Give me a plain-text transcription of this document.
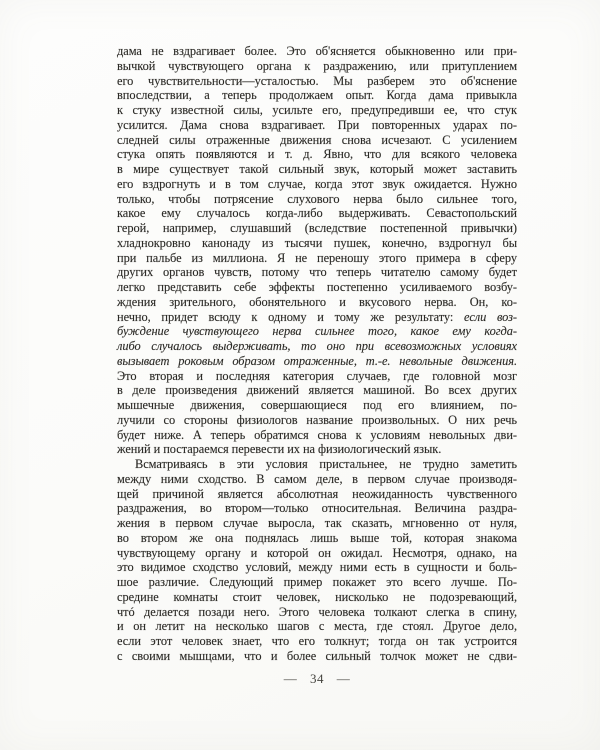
дама не вздрагивает более. Это об'ясняется обыкновенно или при-
вычкой чувствующего органа к раздражению, или притуплением
его чувствительности—усталостью. Мы разберем это об'яснение
впоследствии, а теперь продолжаем опыт. Когда дама привыкла
к стуку известной силы, усильте его, предупредивши ее, что стук
усилится. Дама снова вздрагивает. При повторенных ударах по-
следней силы отраженные движения снова исчезают. С усилением
стука опять появляются и т. д. Явно, что для всякого человека
в мире существует такой сильный звук, который может заставить
его вздрогнуть и в том случае, когда этот звук ожидается. Нужно
только, чтобы потрясение слухового нерва было сильнее того,
какое ему случалось когда-либо выдерживать. Севастопольский
герой, например, слушавший (вследствие постепенной привычки)
хладнокровно канонаду из тысячи пушек, конечно, вздрогнул бы
при пальбе из миллиона. Я не переношу этого примера в сферу
других органов чувств, потому что теперь читателю самому будет
легко представить себе эффекты постепенно усиливаемого возбу-
ждения зрительного, обонятельного и вкусового нерва. Он, ко-
нечно, придет всюду к одному и тому же результату: если воз-
буждение чувствующего нерва сильнее того, какое ему когда-
либо случалось выдерживать, то оно при всевозможных условиях
вызывает роковым образом отраженные, т.-е. невольные движения.
Это вторая и последняя категория случаев, где головной мозг
в деле произведения движений является машиной. Во всех других
мышечные движения, совершающиеся под его влиянием, по-
лучили со стороны физиологов название произвольных. О них речь
будет ниже. А теперь обратимся снова к условиям невольных дви-
жений и постараемся перевести их на физиологический язык.
Всматриваясь в эти условия пристальнее, не трудно заметить
между ними сходство. В самом деле, в первом случае производя-
щей причиной является абсолютная неожиданность чувственного
раздражения, во втором—только относительная. Величина раздра-
жения в первом случае выросла, так сказать, мгновенно от нуля,
во втором же она поднялась лишь выше той, которая знакома
чувствующему органу и которой он ожидал. Несмотря, однако, на
это видимое сходство условий, между ними есть в сущности и боль-
шое различие. Следующий пример покажет это всего лучше. По-
средине комнаты стоит человек, нисколько не подозревающий,
чтó делается позади него. Этого человека толкают слегка в спину,
и он летит на несколько шагов с места, где стоял. Другое дело,
если этот человек знает, что его толкнут; тогда он так устроится
с своими мышцами, что и более сильный толчок может не сдви-
— 34 —
